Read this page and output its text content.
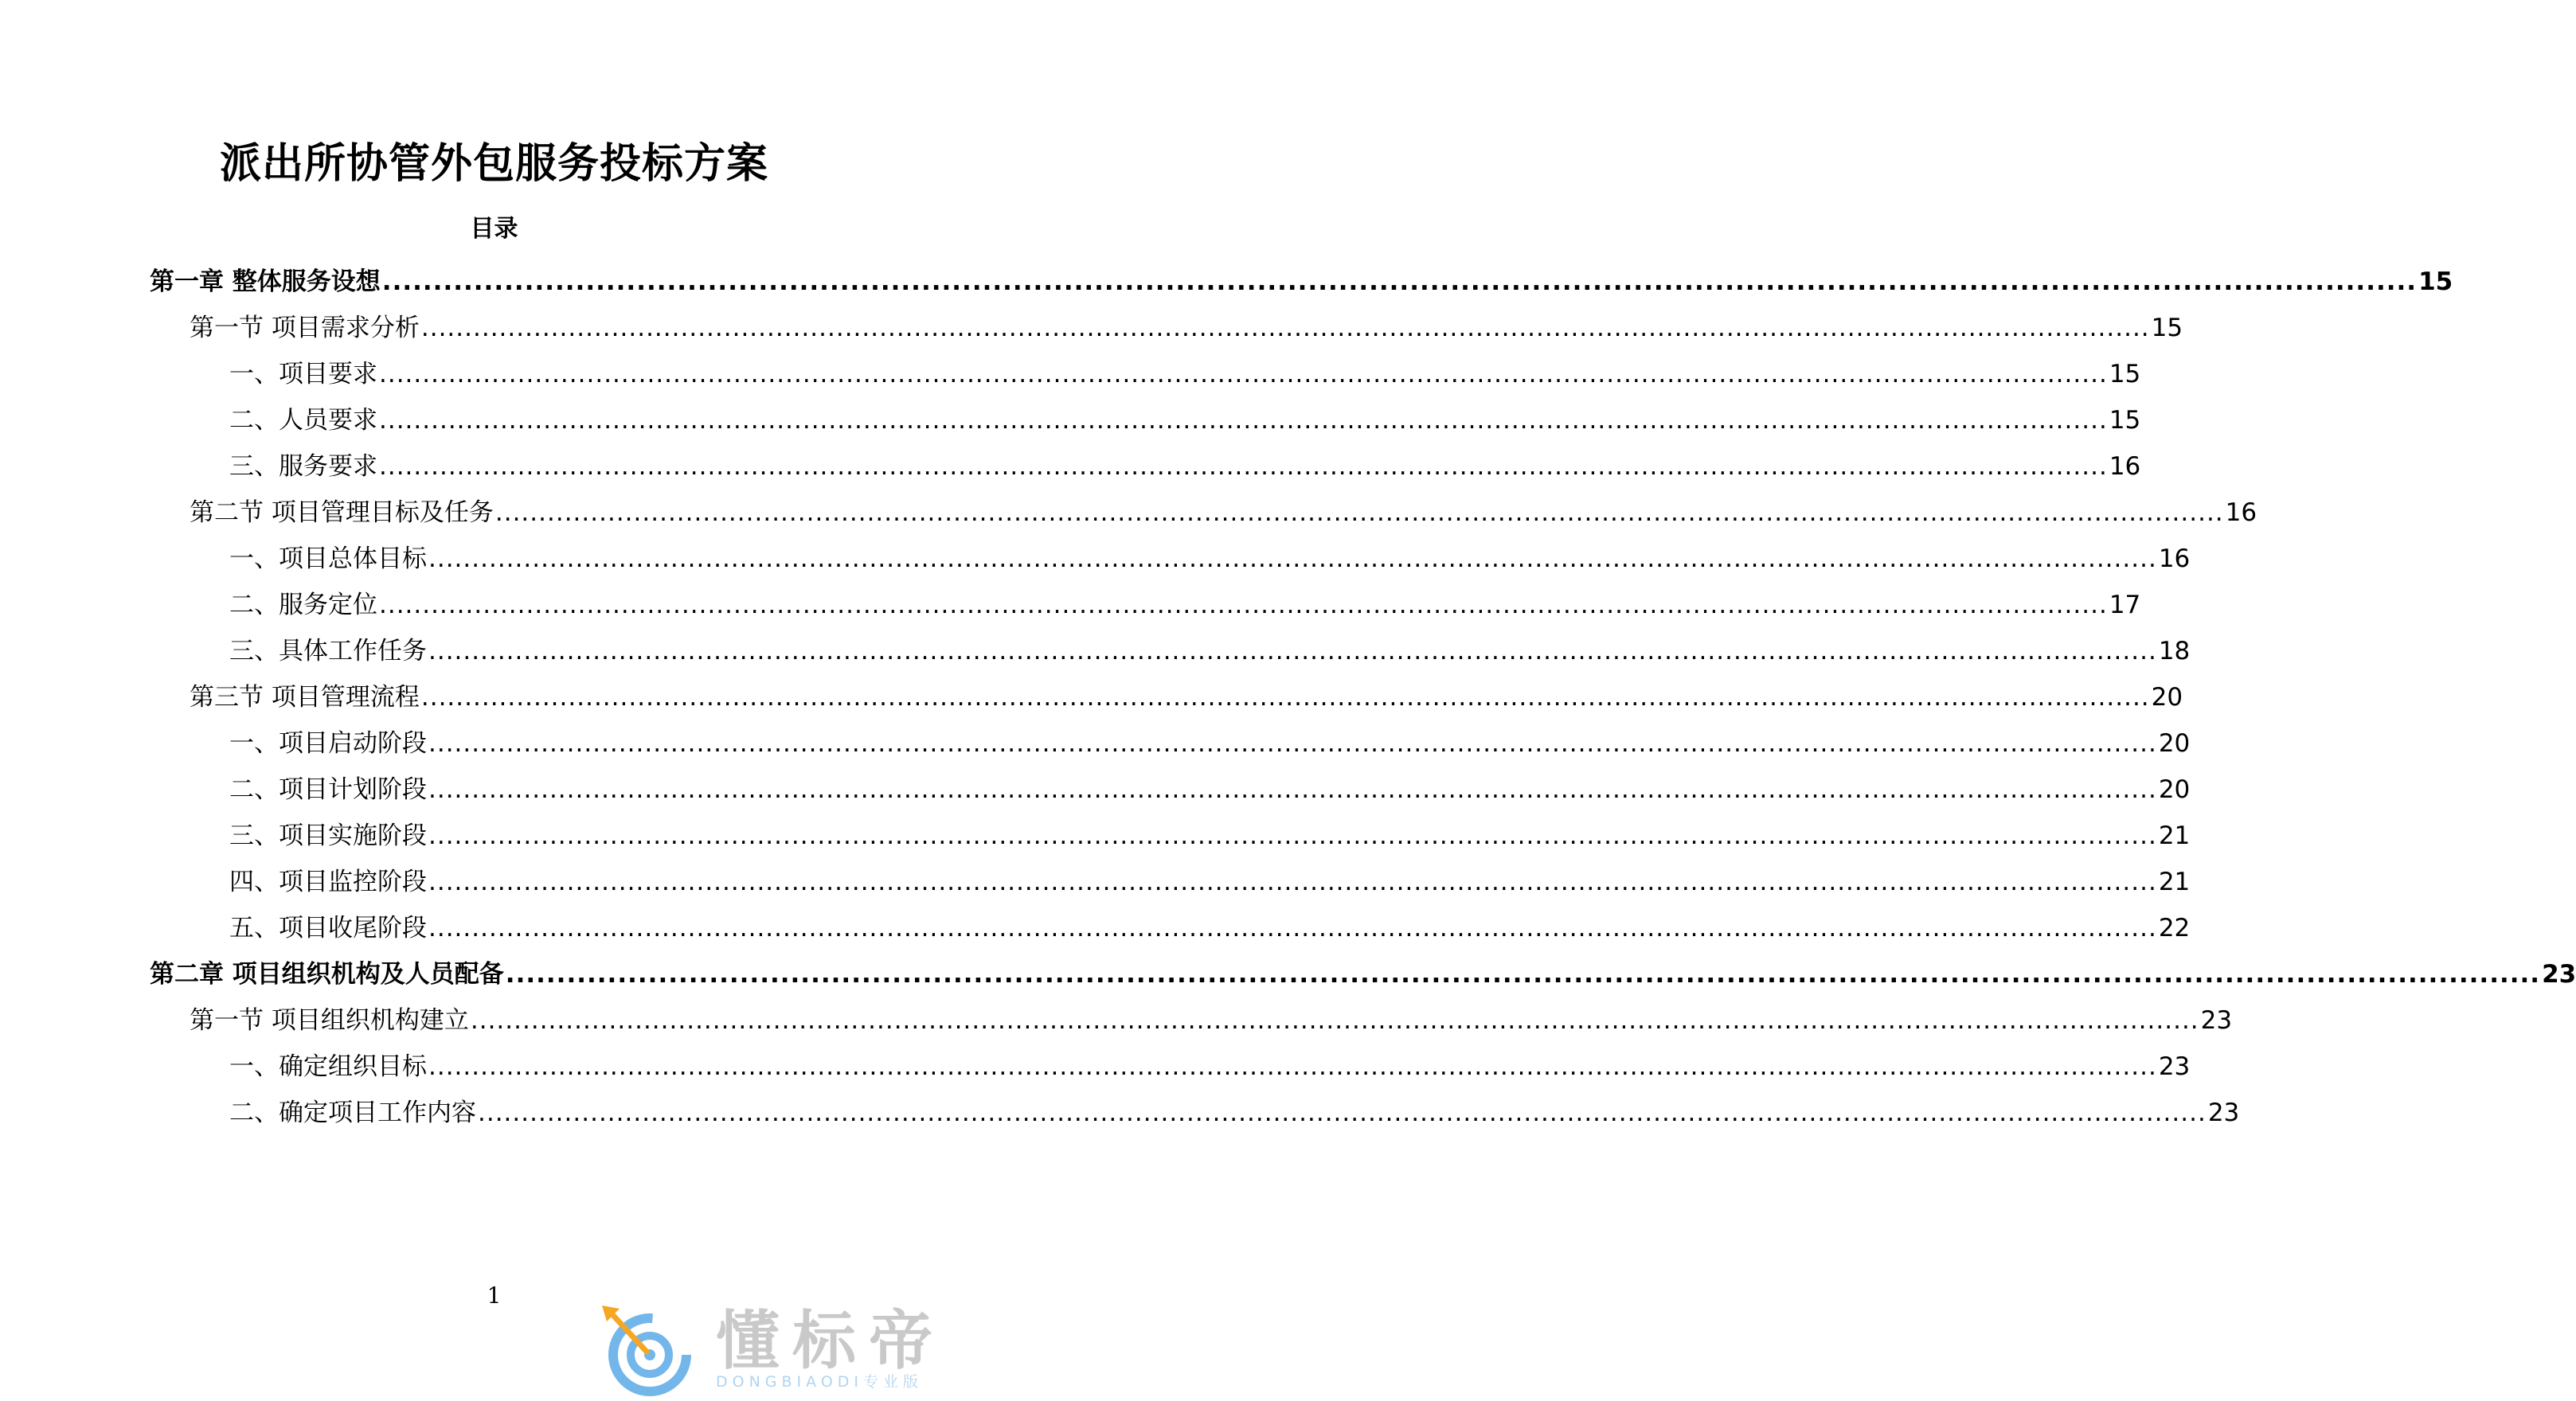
派出所协管外包服务投标方案
目录
第一章 整体服务设想 ........................................................................................................................................................................................................ 15
第一节 项目需求分析 ........................................................................................................................................................................................................ 15
一、项目要求 ........................................................................................................................................................................................................ 15
二、人员要求 ........................................................................................................................................................................................................ 15
三、服务要求 ........................................................................................................................................................................................................ 16
第二节 项目管理目标及任务 ........................................................................................................................................................................................................ 16
一、项目总体目标 ........................................................................................................................................................................................................ 16
二、服务定位 ........................................................................................................................................................................................................ 17
三、具体工作任务 ........................................................................................................................................................................................................ 18
第三节 项目管理流程 ........................................................................................................................................................................................................ 20
一、项目启动阶段 ........................................................................................................................................................................................................ 20
二、项目计划阶段 ........................................................................................................................................................................................................ 20
三、项目实施阶段 ........................................................................................................................................................................................................ 21
四、项目监控阶段 ........................................................................................................................................................................................................ 21
五、项目收尾阶段 ........................................................................................................................................................................................................ 22
第二章 项目组织机构及人员配备 ........................................................................................................................................................................................................ 23
第一节 项目组织机构建立 ........................................................................................................................................................................................................ 23
一、确定组织目标 ........................................................................................................................................................................................................ 23
二、确定项目工作内容 ........................................................................................................................................................................................................ 23
1
懂标帝
DONGBIAODI专业版
